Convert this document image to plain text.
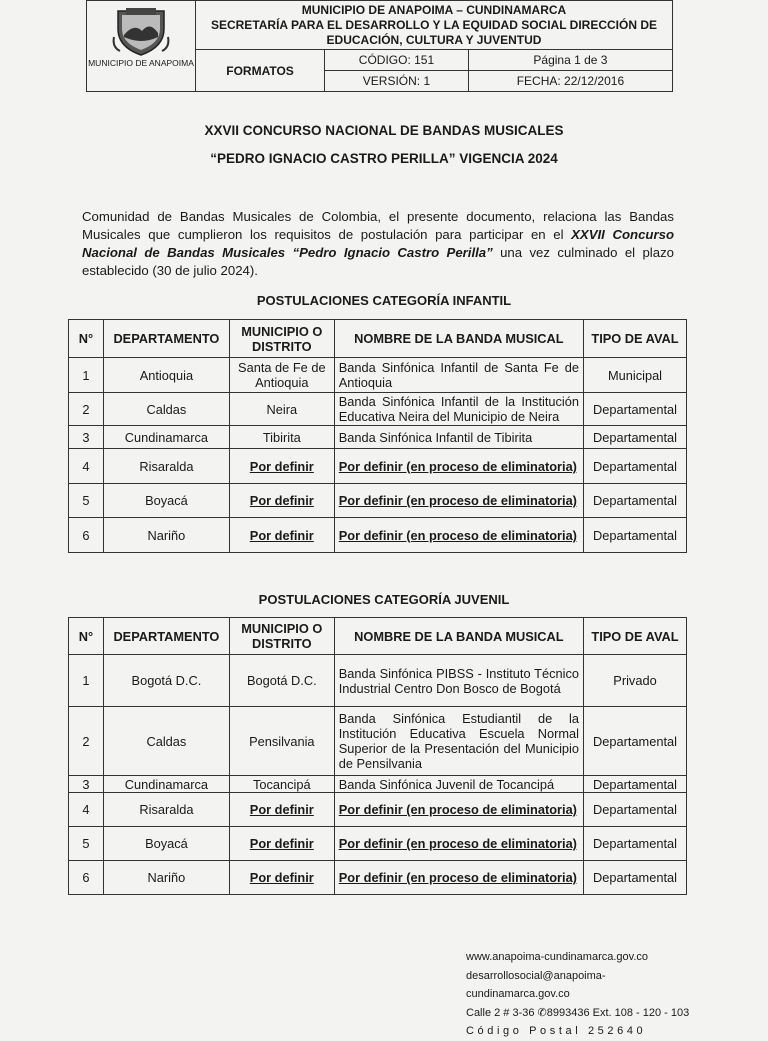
MUNICIPIO DE ANAPOIMA	MUNICIPIO DE ANAPOIMA – CUNDINAMARCA
SECRETARÍA PARA EL DESARROLLO Y LA EQUIDAD SOCIAL DIRECCIÓN DE
EDUCACIÓN, CULTURA Y JUVENTUD		

	FORMATOS	CÓDIGO: 151	Página 1 de 3
		VERSIÓN: 1	FECHA: 22/12/2016
XXVII CONCURSO NACIONAL DE BANDAS MUSICALES
“PEDRO IGNACIO CASTRO PERILLA” VIGENCIA 2024

Comunidad de Bandas Musicales de Colombia, el presente documento, relaciona las Bandas Musicales que cumplieron los requisitos de postulación para participar en el XXVII Concurso Nacional de Bandas Musicales “Pedro Ignacio Castro Perilla” una vez culminado el plazo establecido (30 de julio 2024).

POSTULACIONES CATEGORÍA INFANTIL
N°	DEPARTAMENTO	MUNICIPIO O DISTRITO	NOMBRE DE LA BANDA MUSICAL	TIPO DE AVAL
1	Antioquia	Santa de Fe de Antioquia	Banda Sinfónica Infantil de Santa Fe de Antioquia	Municipal
2	Caldas	Neira	Banda Sinfónica Infantil de la Institución Educativa Neira del Municipio de Neira	Departamental
3	Cundinamarca	Tibirita	Banda Sinfónica Infantil de Tibirita	Departamental
4	Risaralda	Por definir	Por definir (en proceso de eliminatoria)	Departamental
5	Boyacá	Por definir	Por definir (en proceso de eliminatoria)	Departamental
6	Nariño	Por definir	Por definir (en proceso de eliminatoria)	Departamental
POSTULACIONES CATEGORÍA JUVENIL
N°	DEPARTAMENTO	MUNICIPIO O DISTRITO	NOMBRE DE LA BANDA MUSICAL	TIPO DE AVAL
1	Bogotá D.C.	Bogotá D.C.	Banda Sinfónica PIBSS - Instituto Técnico Industrial Centro Don Bosco de Bogotá	Privado
2	Caldas	Pensilvania	Banda Sinfónica Estudiantil de la Institución Educativa Escuela Normal Superior de la Presentación del Municipio de Pensilvania	Departamental
3	Cundinamarca	Tocancipá	Banda Sinfónica Juvenil de Tocancipá	Departamental
4	Risaralda	Por definir	Por definir (en proceso de eliminatoria)	Departamental
5	Boyacá	Por definir	Por definir (en proceso de eliminatoria)	Departamental
6	Nariño	Por definir	Por definir (en proceso de eliminatoria)	Departamental
www.anapoima-cundinamarca.gov.co
desarrollosocial@anapoima-cundinamarca.gov.co
Calle 2 # 3-36 ✆8993436 Ext. 108 - 120 - 103
Código Postal 252640
